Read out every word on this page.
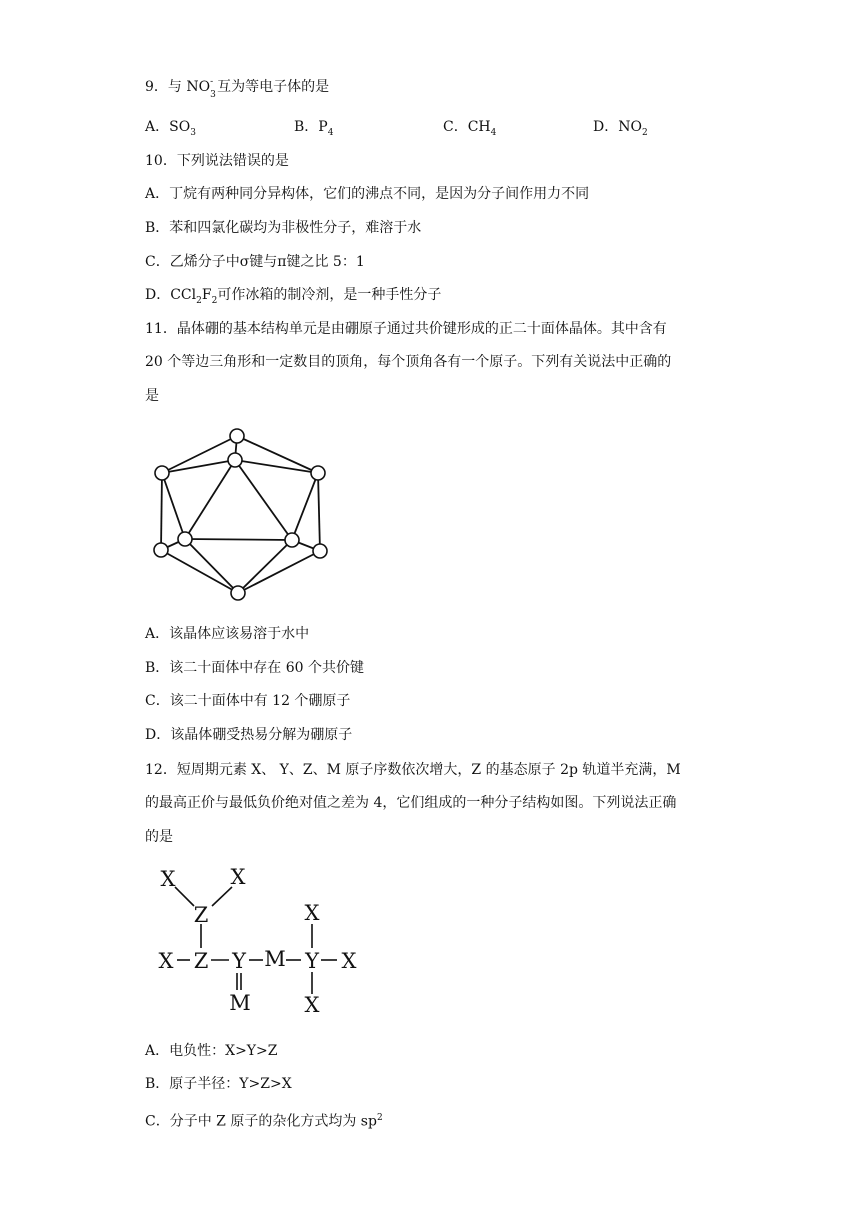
9．与 NO -
3 互为等电子体的是
A．$SO_3$	B．$P_4$	C．$CH_4$	D．$NO_2$
10．下列说法错误的是
A．丁烷有两种同分异构体，它们的沸点不同，是因为分子间作用力不同
B．苯和四氯化碳均为非极性分子，难溶于水
C．乙烯分子中σ键与π键之比 5：1
D．$CCl_2F_2$可作冰箱的制冷剂，是一种手性分子
11．晶体硼的基本结构单元是由硼原子通过共价键形成的正二十面体晶体。其中含有
20 个等边三角形和一定数目的顶角，每个顶角各有一个原子。下列有关说法中正确的
是
A．该晶体应该易溶于水中
B．该二十面体中存在 60 个共价键
C．该二十面体中有 12 个硼原子
D．该晶体硼受热易分解为硼原子
12．短周期元素 X、 Y、Z、M 原子序数依次增大，Z 的基态原子 2p 轨道半充满，M
的最高正价与最低负价绝对值之差为 4，它们组成的一种分子结构如图。下列说法正确
的是
X	X
Z
X Z Y M Y X
X
X
M
A．电负性：X>Y>Z
B．原子半径：Y>Z>X
C．分子中 Z 原子的杂化方式均为 $sp^2$
